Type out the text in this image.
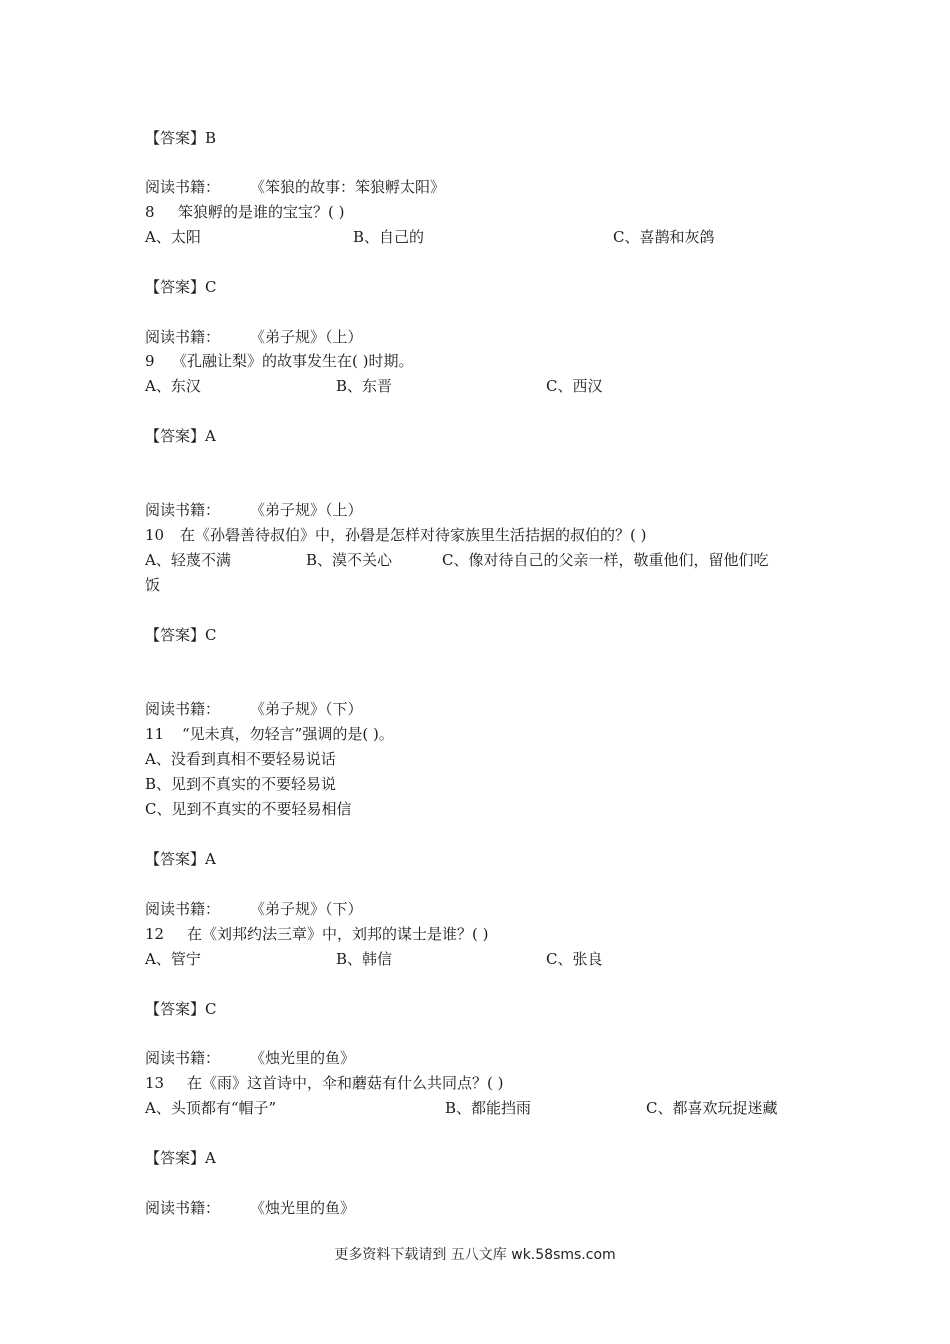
【答案】B
阅读书籍： 《笨狼的故事：笨狼孵太阳》
8 笨狼孵的是谁的宝宝？( )
A、太阳	B、自己的	C、喜鹊和灰鸽
【答案】C
阅读书籍： 《弟子规》（上）
9 《孔融让梨》的故事发生在( )时期。
A、东汉	B、东晋	C、西汉
【答案】A
阅读书籍： 《弟子规》（上）
10 在《孙礐善待叔伯》中，孙礐是怎样对待家族里生活拮据的叔伯的？( )
A、轻蔑不满	B、漠不关心	C、像对待自己的父亲一样，敬重他们，留他们吃
饭
【答案】C
阅读书籍： 《弟子规》（下）
11 “见未真，勿轻言”强调的是( )。
A、没看到真相不要轻易说话
B、见到不真实的不要轻易说
C、见到不真实的不要轻易相信
【答案】A
阅读书籍： 《弟子规》（下）
12 在《刘邦约法三章》中，刘邦的谋士是谁？( )
A、管宁	B、韩信	C、张良
【答案】C
阅读书籍： 《烛光里的鱼》
13 在《雨》这首诗中，伞和蘑菇有什么共同点？( )
A、头顶都有“帽子”	B、都能挡雨	C、都喜欢玩捉迷藏
【答案】A
阅读书籍： 《烛光里的鱼》
更多资料下载请到 五八文库 wk.58sms.com
